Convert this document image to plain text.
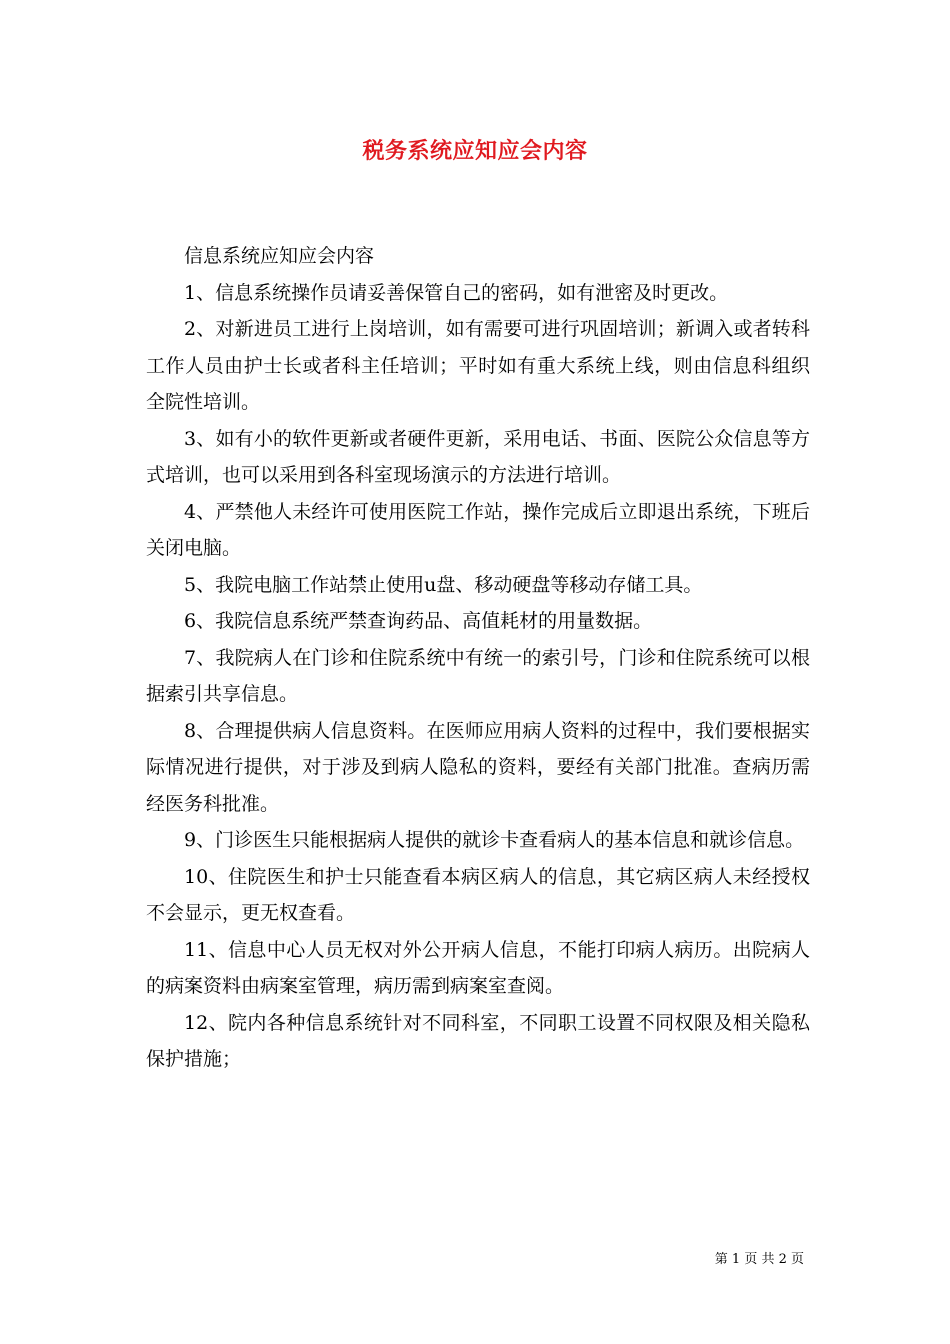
税务系统应知应会内容

信息系统应知应会内容

1、信息系统操作员请妥善保管自己的密码，如有泄密及时更改。

2、对新进员工进行上岗培训，如有需要可进行巩固培训；新调入或者转科工作人员由护士长或者科主任培训；平时如有重大系统上线，则由信息科组织全院性培训。

3、如有小的软件更新或者硬件更新，采用电话、书面、医院公众信息等方式培训，也可以采用到各科室现场演示的方法进行培训。

4、严禁他人未经许可使用医院工作站，操作完成后立即退出系统，下班后关闭电脑。

5、我院电脑工作站禁止使用u盘、移动硬盘等移动存储工具。

6、我院信息系统严禁查询药品、高值耗材的用量数据。

7、我院病人在门诊和住院系统中有统一的索引号，门诊和住院系统可以根据索引共享信息。

8、合理提供病人信息资料。在医师应用病人资料的过程中，我们要根据实际情况进行提供，对于涉及到病人隐私的资料，要经有关部门批准。查病历需经医务科批准。

9、门诊医生只能根据病人提供的就诊卡查看病人的基本信息和就诊信息。

10、住院医生和护士只能查看本病区病人的信息，其它病区病人未经授权不会显示，更无权查看。

11、信息中心人员无权对外公开病人信息，不能打印病人病历。出院病人的病案资料由病案室管理，病历需到病案室查阅。

12、院内各种信息系统针对不同科室，不同职工设置不同权限及相关隐私保护措施；

第 1 页 共 2 页
